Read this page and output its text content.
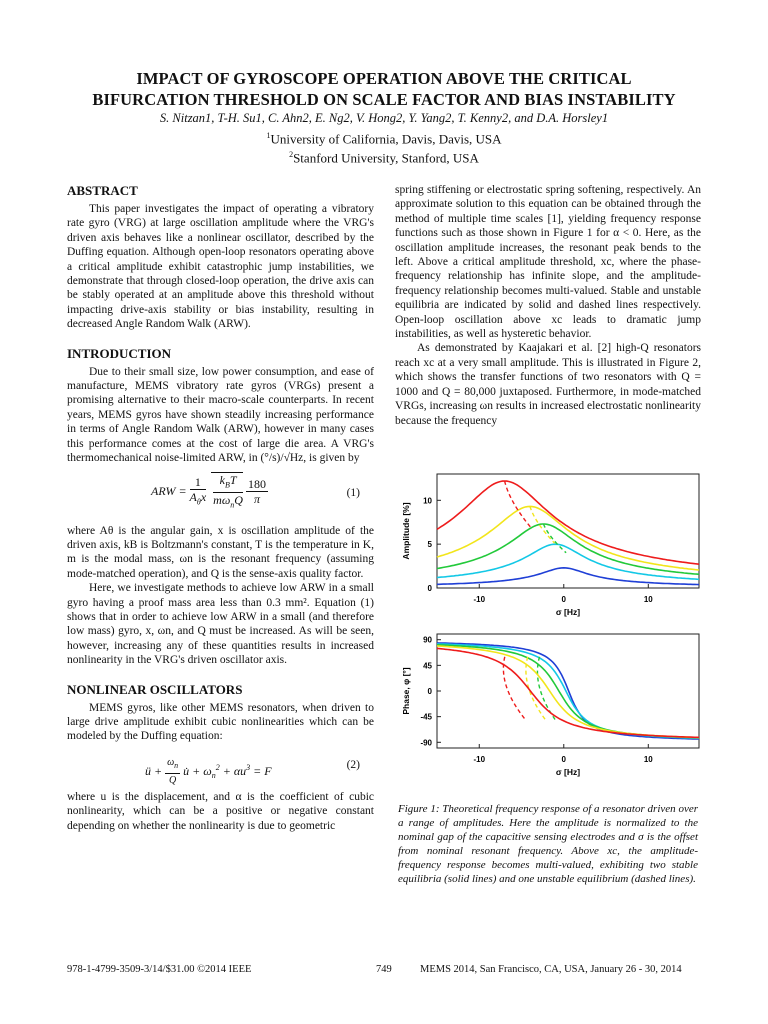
IMPACT OF GYROSCOPE OPERATION ABOVE THE CRITICAL
BIFURCATION THRESHOLD ON SCALE FACTOR AND BIAS INSTABILITY
S. Nitzan1, T-H. Su1, C. Ahn2, E. Ng2, V. Hong2, Y. Yang2, T. Kenny2, and D.A. Horsley1
$^1$University of California, Davis, Davis, USA
$^2$Stanford University, Stanford, USA
ABSTRACT

This paper investigates the impact of operating a vibratory rate gyro (VRG) at large oscillation amplitude where the VRG's driven axis behaves like a nonlinear oscillator, described by the Duffing equation. Although open-loop resonators operating above a critical amplitude exhibit catastrophic jump instabilities, we demonstrate that through closed-loop operation, the drive axis can be stably operated at an amplitude above this threshold without impacting drive-axis stability or bias instability, resulting in decreased Angle Random Walk (ARW).

INTRODUCTION

Due to their small size, low power consumption, and ease of manufacture, MEMS vibratory rate gyros (VRGs) present a promising alternative to their macro-scale counterparts. In recent years, MEMS gyros have shown steadily increasing performance in terms of Angle Random Walk (ARW), however in many cases this performance comes at the cost of large die area. A VRG's thermomechanical noise-limited ARW, in (°/s)/√Hz, is given by

ARW = $\frac{1}{A_\theta x}$
$\frac{k_BT}{m\omega_nQ}$
$\frac{180}{\pi}$	(1)

where Aθ is the angular gain, x is oscillation amplitude of the driven axis, kB is Boltzmann's constant, T is the temperature in K, m is the modal mass, ωn is the resonant frequency (assuming mode-matched operation), and Q is the sense-axis quality factor.

Here, we investigate methods to achieve low ARW in a small gyro having a proof mass area less than 0.3 mm². Equation (1) shows that in order to achieve low ARW in a small (and therefore low mass) gyro, x, ωn, and Q must be increased. As will be seen, however, increasing any of these quantities results in increased nonlinearity in the VRG's driven oscillator axis.

NONLINEAR OSCILLATORS

MEMS gyros, like other MEMS resonators, when driven to large drive amplitude exhibit cubic nonlinearities which can be modeled by the Duffing equation:

ü + $\frac{\omega_n}{Q}$ u̇ + $\omega_n^2 + \alpha u^3 = F$	(2)

where u is the displacement, and α is the coefficient of cubic nonlinearity, which can be a positive or negative constant depending on whether the nonlinearity is due to geometric

spring stiffening or electrostatic spring softening, respectively. An approximate solution to this equation can be obtained through the method of multiple time scales [1], yielding frequency response functions such as those shown in Figure 1 for α < 0. Here, as the oscillation amplitude increases, the resonant peak bends to the left. Above a critical amplitude threshold, xc, where the phase-frequency relationship has infinite slope, and the amplitude-frequency relationship becomes multi-valued. Stable and unstable equilibria are indicated by solid and dashed lines respectively. Open-loop oscillation above xc leads to dramatic jump instabilities, as well as hysteretic behavior.

As demonstrated by Kaajakari et al. [2] high-Q resonators reach xc at a very small amplitude. This is illustrated in Figure 2, which shows the transfer functions of two resonators with Q = 1000 and Q = 80,000 juxtaposed. Furthermore, in mode-matched VRGs, increasing ωn results in increased electrostatic nonlinearity because the frequency

0
5
10
-10	0	10
σ [Hz]
Amplitude [%]
90
45
0
-45
-90
-10	0	10
σ [Hz]
Phase, φ [°]
Figure 1: Theoretical frequency response of a resonator driven over a range of amplitudes. Here the amplitude is normalized to the nominal gap of the capacitive sensing electrodes and σ is the offset from nominal resonant frequency. Above xc, the amplitude-frequency response becomes multi-valued, exhibiting two stable equilibria (solid lines) and one unstable equilibrium (dashed lines).
978-1-4799-3509-3/14/$31.00 ©2014 IEEE	749	MEMS 2014, San Francisco, CA, USA, January 26 - 30, 2014
